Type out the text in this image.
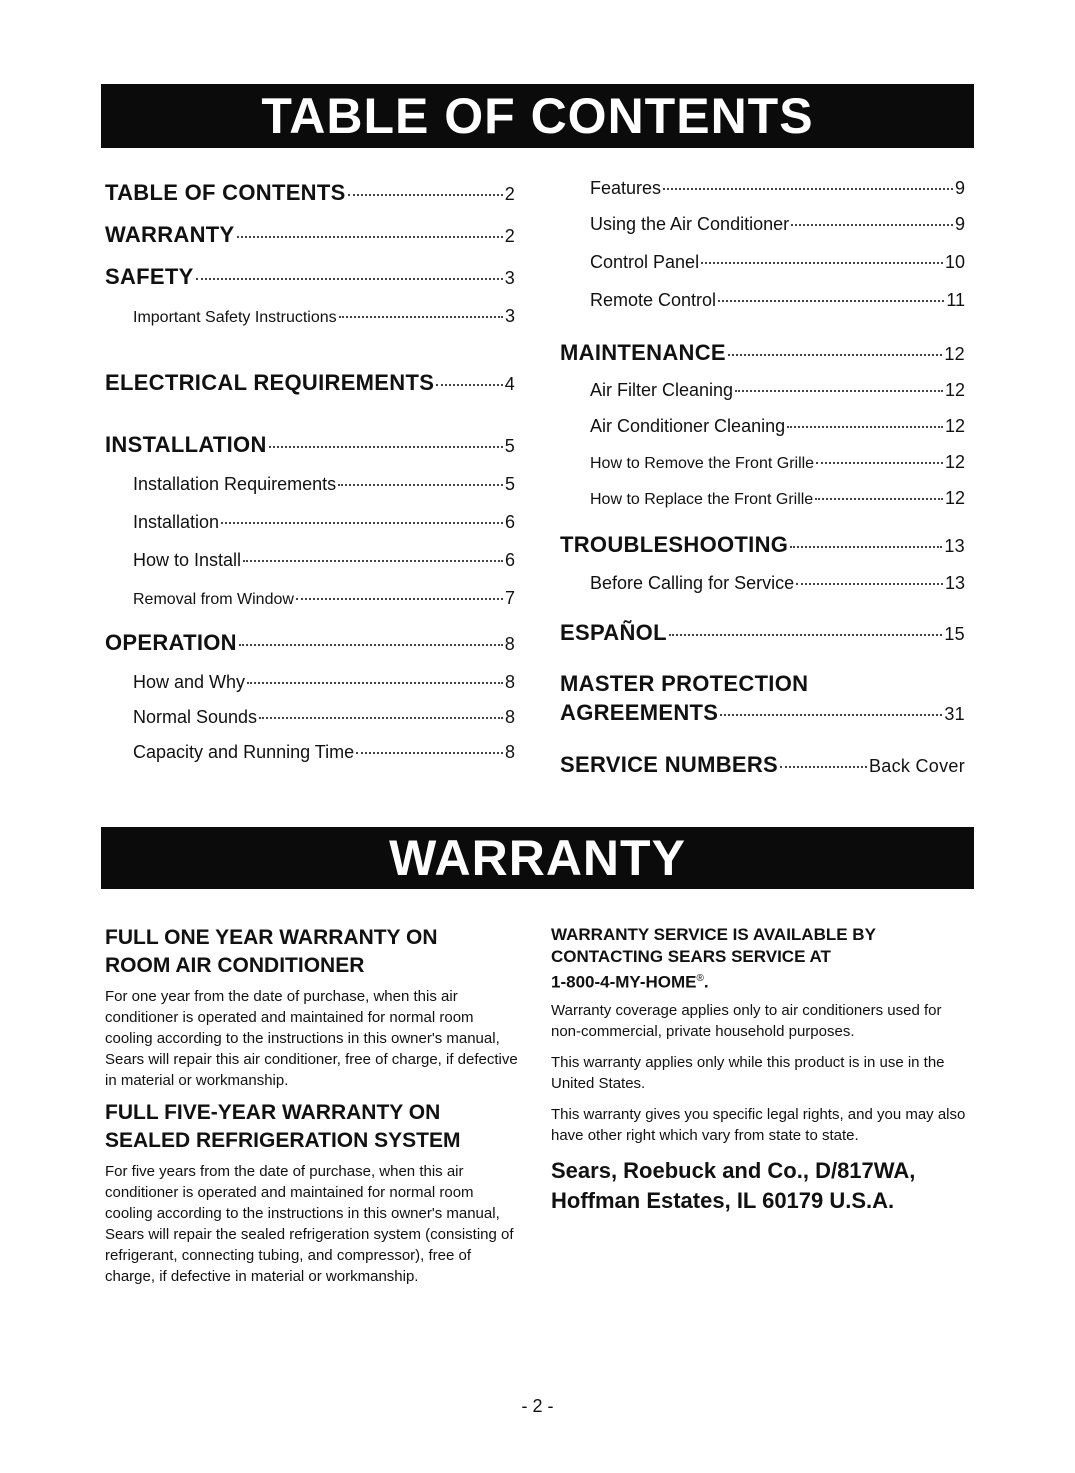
TABLE OF CONTENTS
TABLE OF CONTENTS	2
WARRANTY	2
SAFETY	3
Important Safety Instructions	3
ELECTRICAL REQUIREMENTS	4
INSTALLATION	5
Installation Requirements	5
Installation	6
How to Install	6
Removal from Window	7
OPERATION	8
How and Why	8
Normal Sounds	8
Capacity and Running Time	8
Features	9
Using the Air Conditioner	9
Control Panel	10
Remote Control	11
MAINTENANCE	12
Air Filter Cleaning	12
Air Conditioner Cleaning	12
How to Remove the Front Grille	12
How to Replace the Front Grille	12
TROUBLESHOOTING	13
Before Calling for Service	13
ESPAÑOL	15
MASTER PROTECTION
AGREEMENTS	31
SERVICE NUMBERS	Back Cover
WARRANTY

FULL ONE YEAR WARRANTY ON

ROOM AIR CONDITIONER

For one year from the date of purchase, when this air conditioner is operated and maintained for normal room cooling according to the instructions in this owner's manual, Sears will repair this air conditioner, free of charge, if defective in material or workmanship.

FULL FIVE-YEAR WARRANTY ON

SEALED REFRIGERATION SYSTEM

For five years from the date of purchase, when this air conditioner is operated and maintained for normal room cooling according to the instructions in this owner's manual, Sears will repair the sealed refrigeration system (consisting of refrigerant, connecting tubing, and compressor), free of charge, if defective in material or workmanship.

WARRANTY SERVICE IS AVAILABLE BY

CONTACTING SEARS SERVICE AT

1-800-4-MY-HOME®.

Warranty coverage applies only to air conditioners used for non-commercial, private household purposes.

This warranty applies only while this product is in use in the United States.

This warranty gives you specific legal rights, and you may also have other right which vary from state to state.

Sears, Roebuck and Co., D/817WA,

Hoffman Estates, IL 60179 U.S.A.

- 2 -
